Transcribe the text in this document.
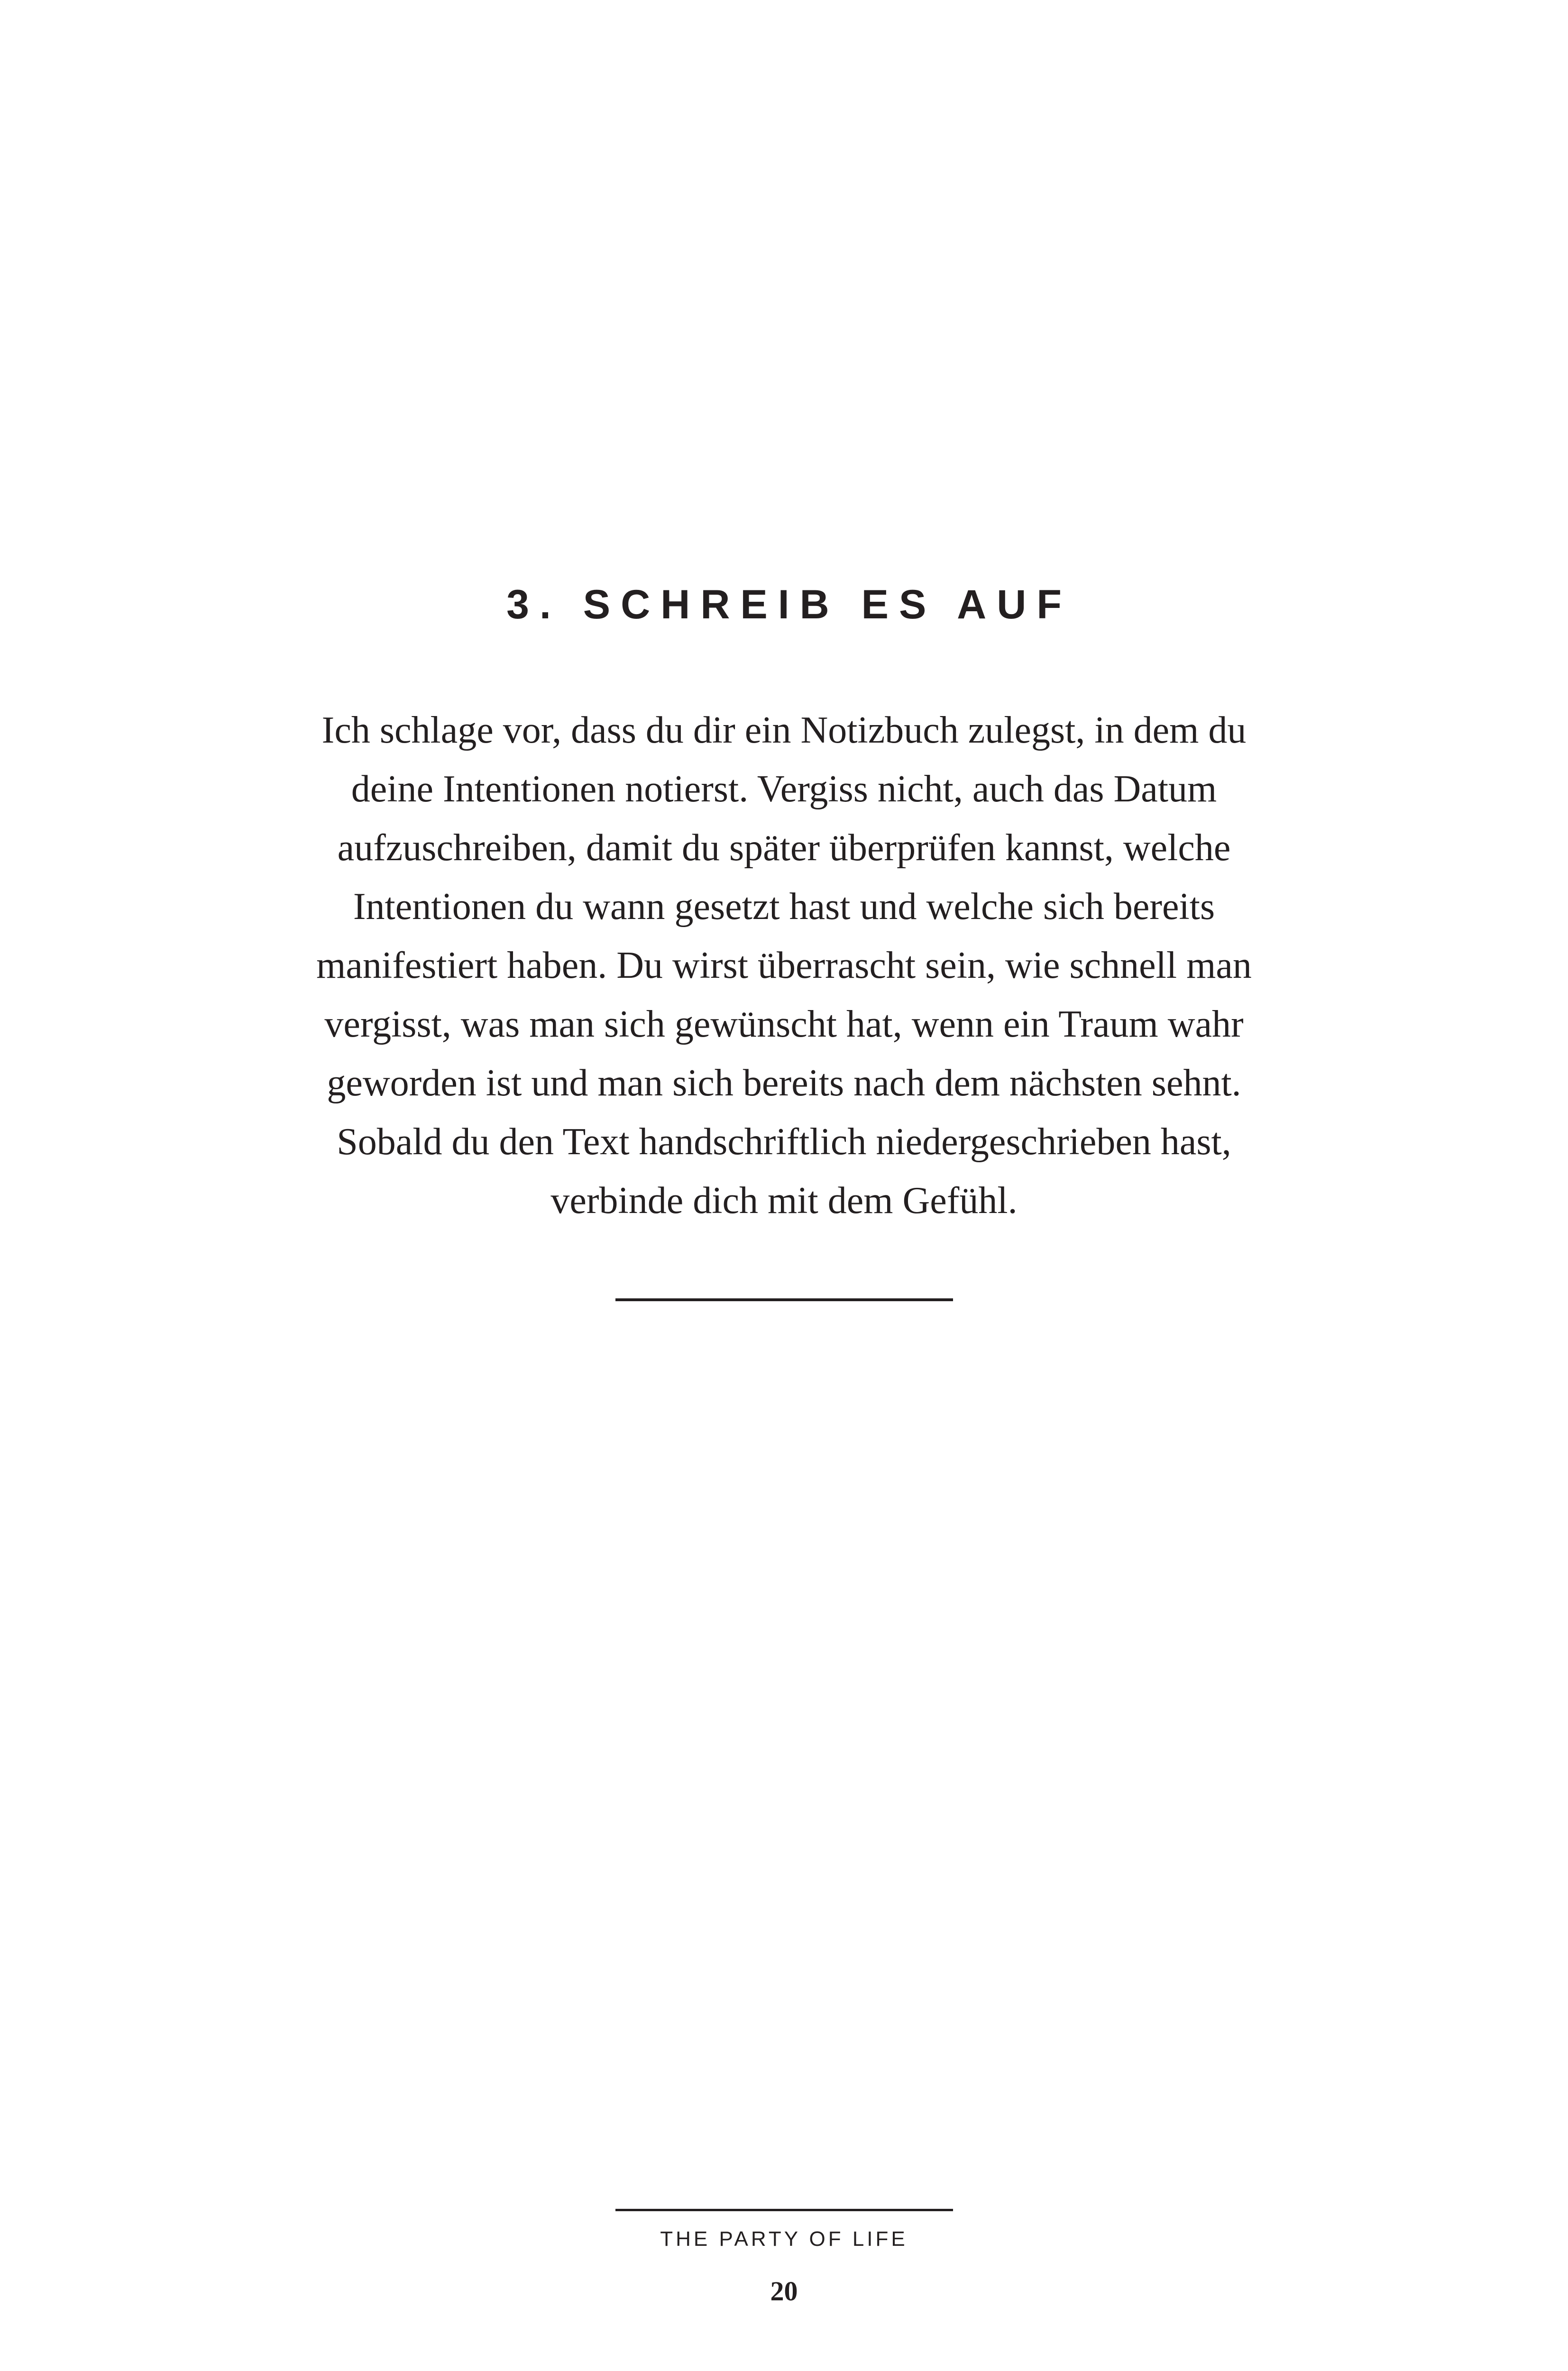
3. SCHREIB ES AUF
Ich schlage vor, dass du dir ein Notizbuch zulegst, in dem du
deine Intentionen notierst. Vergiss nicht, auch das Datum
aufzuschreiben, damit du später überprüfen kannst, welche
Intentionen du wann gesetzt hast und welche sich bereits
manifestiert haben. Du wirst überrascht sein, wie schnell man
vergisst, was man sich gewünscht hat, wenn ein Traum wahr
geworden ist und man sich bereits nach dem nächsten sehnt.
Sobald du den Text handschriftlich niedergeschrieben hast,
verbinde dich mit dem Gefühl.
THE PARTY OF LIFE
20
